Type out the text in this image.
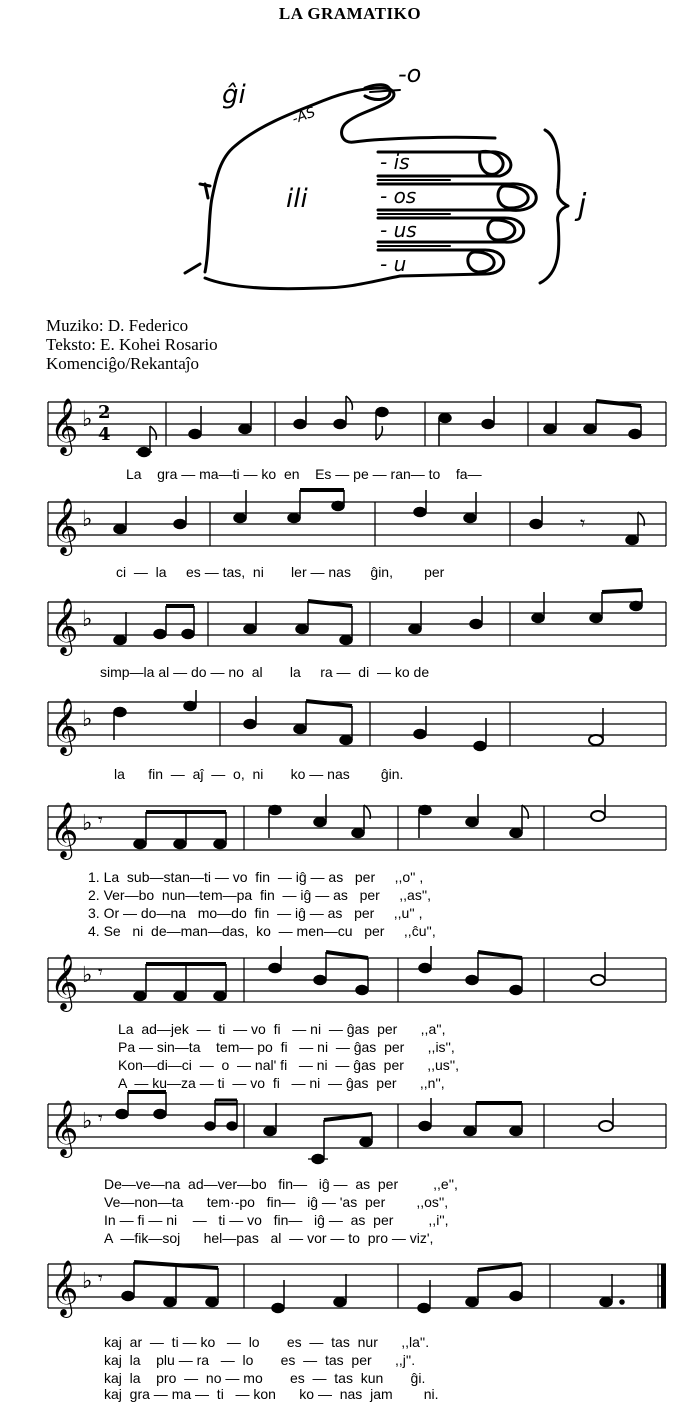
LA GRAMATIKO
ĝi
-o
-AS
ili
- is
- os
- us
- u
j
Muziko: D. Federico
Teksto: E. Kohei Rosario
Komenciĝo/Rekantaĵo
𝄞 ♭ 2
4
La    gra — ma—ti — ko  en    Es — pe — ran— to    fa—
𝄞 ♭	𝄾
ci  —  la     es — tas,  ni       ler — nas     ĝin,        per
𝄞 ♭
simp—la al — do — no  al       la     ra —  di  — ko de
𝄞 ♭
la      fin  —  aĵ  —  o,  ni       ko — nas        ĝin.
𝄞 ♭ 𝄾
1. La  sub—stan—ti — vo  fin  — iĝ — as   per     ,,o'' ,
2. Ver—bo  nun—tem—pa  fin  — iĝ — as   per     ,,as'',
3. Or — do—na   mo—do  fin  — iĝ — as   per     ,,u'' ,
4. Se   ni  de—man—das,  ko  — men—cu   per     ,,ĉu'',
𝄞 ♭ 𝄾
La  ad—jek  —  ti  — vo  fi   — ni  — ĝas  per      ,,a'',
Pa — sin—ta    tem— po  fi   — ni  — ĝas  per      ,,is'',
Kon—di—ci  —  o  — nal' fi   — ni  — ĝas  per      ,,us'',
A  — ku—za — ti  — vo  fi   — ni  — ĝas  per      ,,n'',
𝄞 ♭ 𝄾
De—ve—na  ad—ver—bo   fin—   iĝ —  as  per         ,,e'',
Ve—non—ta      tem·-po   fin—   iĝ — 'as  per        ,,os'',
In — fi — ni    —   ti — vo   fin—   iĝ —  as  per         ,,i'',
A  —fik—soj      hel—pas   al  — vor — to  pro — viz',
𝄞 ♭ 𝄾
kaj  ar  —  ti — ko   —  lo       es  —  tas  nur      ,,la''.
kaj  la    plu — ra   —  lo       es  —  tas  per      ,,j''.
kaj  la    pro  —  no — mo       es  —  tas  kun       ĝi.
kaj  gra — ma —  ti   — kon      ko —  nas  jam        ni.
